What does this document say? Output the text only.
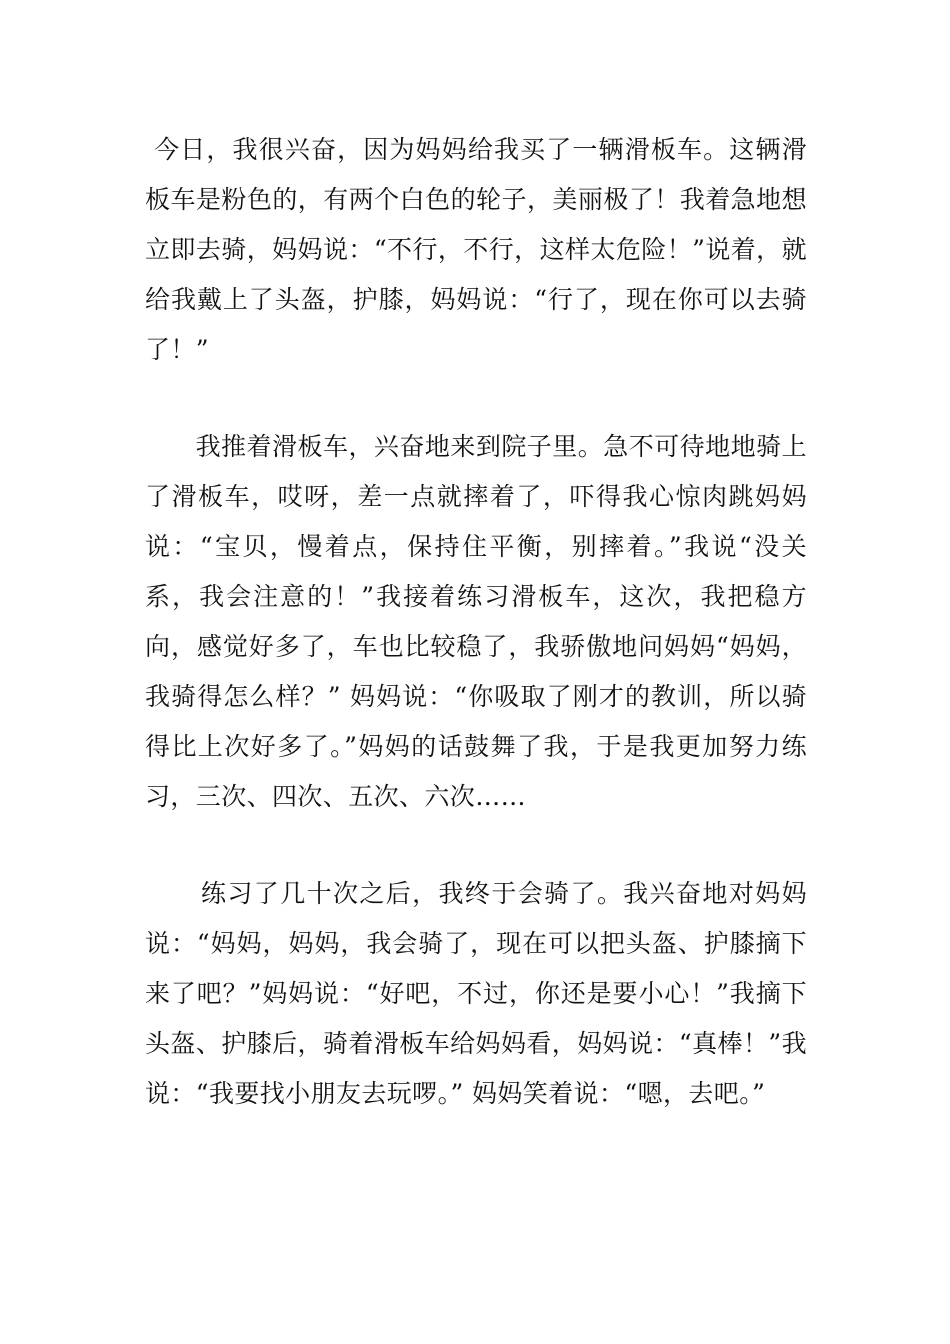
今日，我很兴奋，因为妈妈给我买了一辆滑板车。这辆滑板车是粉色的，有两个白色的轮子，美丽极了！我着急地想立即去骑，妈妈说：“不行，不行，这样太危险！”说着，就给我戴上了头盔，护膝，妈妈说：“行了，现在你可以去骑了！”

我推着滑板车，兴奋地来到院子里。急不可待地地骑上了滑板车，哎呀，差一点就摔着了，吓得我心惊肉跳妈妈说：“宝贝，慢着点，保持住平衡，别摔着。”我说“没关系，我会注意的！”我接着练习滑板车，这次，我把稳方向，感觉好多了，车也比较稳了，我骄傲地问妈妈“妈妈，我骑得怎么样？” 妈妈说：“你吸取了刚才的教训，所以骑得比上次好多了。”妈妈的话鼓舞了我，于是我更加努力练习，三次、四次、五次、六次……

练习了几十次之后，我终于会骑了。我兴奋地对妈妈说：“妈妈，妈妈，我会骑了，现在可以把头盔、护膝摘下来了吧？”妈妈说：“好吧，不过，你还是要小心！”我摘下头盔、护膝后，骑着滑板车给妈妈看，妈妈说：“真棒！”我说：“我要找小朋友去玩啰。” 妈妈笑着说：“嗯，去吧。”
